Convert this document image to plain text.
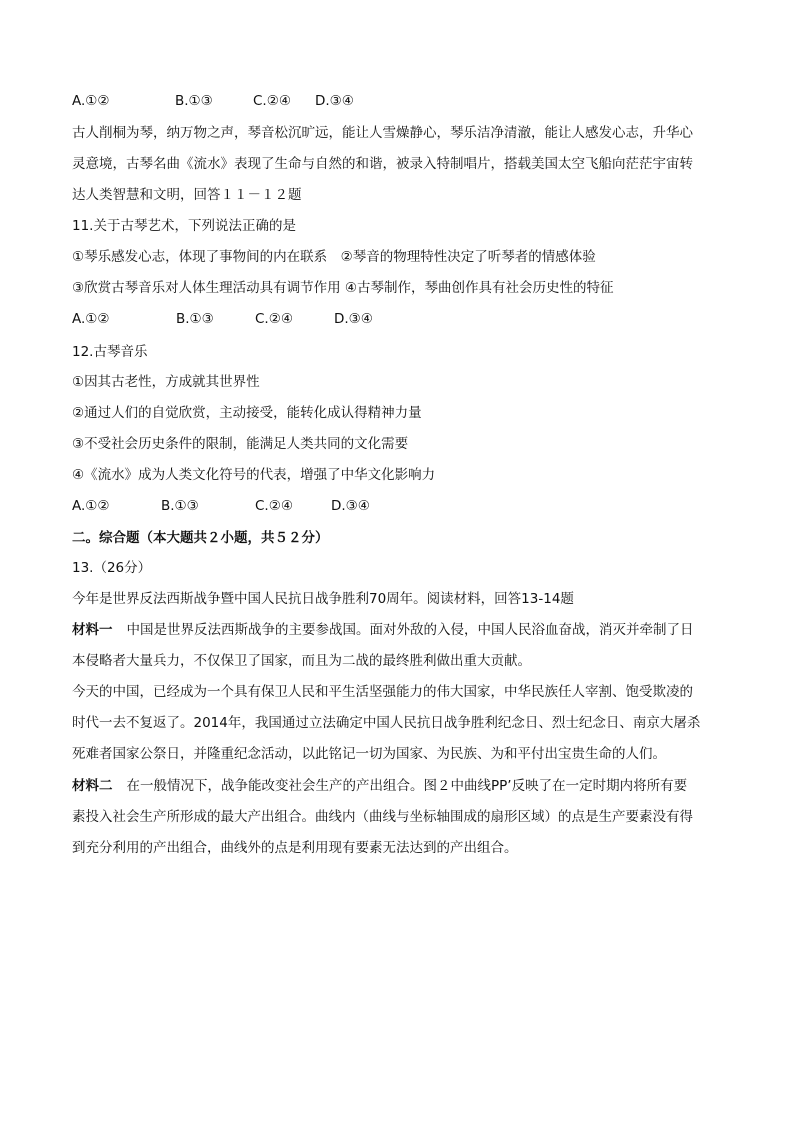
A.①②	B.①③	C.②④ D.③④
古人削桐为琴，纳万物之声，琴音松沉旷远，能让人雪燥静心，琴乐洁净清澈，能让人感发心志，升华心
灵意境，古琴名曲《流水》表现了生命与自然的和谐，被录入特制唱片，搭载美国太空飞船向茫茫宇宙转
达人类智慧和文明，回答１１－１２题
11.关于古琴艺术，下列说法正确的是
①琴乐感发心志，体现了事物间的内在联系　②琴音的物理特性决定了听琴者的情感体验
③欣赏古琴音乐对人体生理活动具有调节作用 ④古琴制作，琴曲创作具有社会历史性的特征
A.①②	B.①③	C.②④	D.③④
12.古琴音乐
①因其古老性，方成就其世界性
②通过人们的自觉欣赏，主动接受，能转化成认得精神力量
③不受社会历史条件的限制，能满足人类共同的文化需要
④《流水》成为人类文化符号的代表，增强了中华文化影响力
A.①②	B.①③	C.②④	D.③④
二。综合题（本大题共２小题，共５２分）
13.（26分）
今年是世界反法西斯战争暨中国人民抗日战争胜利70周年。阅读材料，回答13-14题
材料一 中国是世界反法西斯战争的主要参战国。面对外敌的入侵，中国人民浴血奋战，消灭并牵制了日
本侵略者大量兵力，不仅保卫了国家，而且为二战的最终胜利做出重大贡献。
今天的中国，已经成为一个具有保卫人民和平生活坚强能力的伟大国家，中华民族任人宰割、饱受欺凌的
时代一去不复返了。2014年，我国通过立法确定中国人民抗日战争胜利纪念日、烈士纪念日、南京大屠杀
死难者国家公祭日，并隆重纪念活动，以此铭记一切为国家、为民族、为和平付出宝贵生命的人们。
材料二 在一般情况下，战争能改变社会生产的产出组合。图２中曲线PP’反映了在一定时期内将所有要
素投入社会生产所形成的最大产出组合。曲线内（曲线与坐标轴围成的扇形区域）的点是生产要素没有得
到充分利用的产出组合，曲线外的点是利用现有要素无法达到的产出组合。
